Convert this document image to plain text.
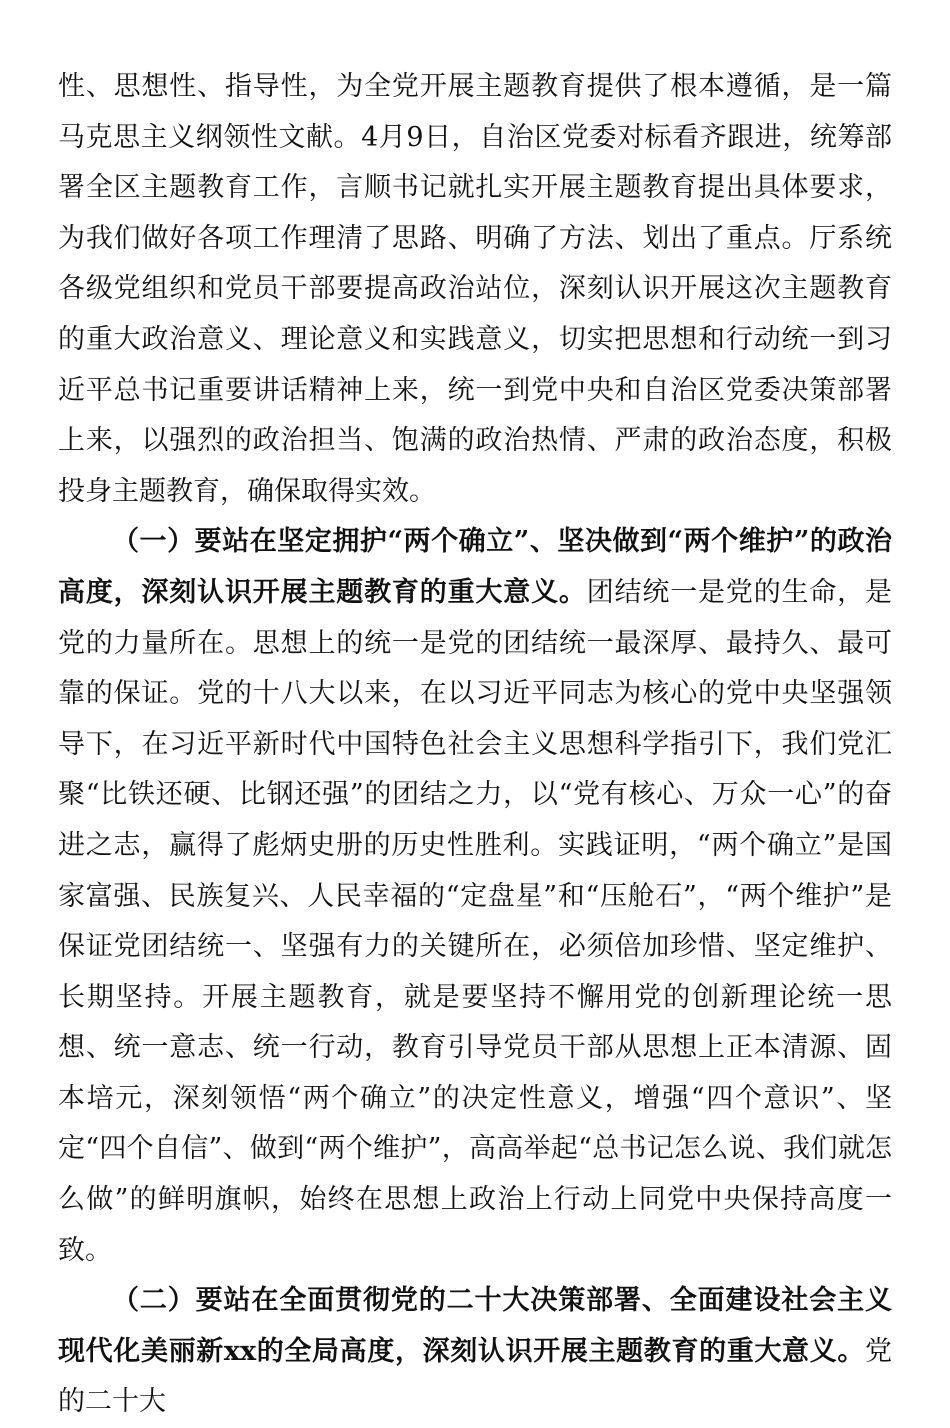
性、思想性、指导性，为全党开展主题教育提供了根本遵循，是一篇马克思主义纲领性文献。4月9日，自治区党委对标看齐跟进，统筹部署全区主题教育工作，言顺书记就扎实开展主题教育提出具体要求，为我们做好各项工作理清了思路、明确了方法、划出了重点。厅系统各级党组织和党员干部要提高政治站位，深刻认识开展这次主题教育的重大政治意义、理论意义和实践意义，切实把思想和行动统一到习近平总书记重要讲话精神上来，统一到党中央和自治区党委决策部署上来，以强烈的政治担当、饱满的政治热情、严肃的政治态度，积极投身主题教育，确保取得实效。

（一）要站在坚定拥护“两个确立”、坚决做到“两个维护”的政治高度，深刻认识开展主题教育的重大意义。团结统一是党的生命，是党的力量所在。思想上的统一是党的团结统一最深厚、最持久、最可靠的保证。党的十八大以来，在以习近平同志为核心的党中央坚强领导下，在习近平新时代中国特色社会主义思想科学指引下，我们党汇聚“比铁还硬、比钢还强”的团结之力，以“党有核心、万众一心”的奋进之志，赢得了彪炳史册的历史性胜利。实践证明，“两个确立”是国家富强、民族复兴、人民幸福的“定盘星”和“压舱石”，“两个维护”是保证党团结统一、坚强有力的关键所在，必须倍加珍惜、坚定维护、长期坚持。开展主题教育，就是要坚持不懈用党的创新理论统一思想、统一意志、统一行动，教育引导党员干部从思想上正本清源、固本培元，深刻领悟“两个确立”的决定性意义，增强“四个意识”、坚定“四个自信”、做到“两个维护”，高高举起“总书记怎么说、我们就怎么做”的鲜明旗帜，始终在思想上政治上行动上同党中央保持高度一致。

（二）要站在全面贯彻党的二十大决策部署、全面建设社会主义现代化美丽新xx的全局高度，深刻认识开展主题教育的重大意义。党的二十大
